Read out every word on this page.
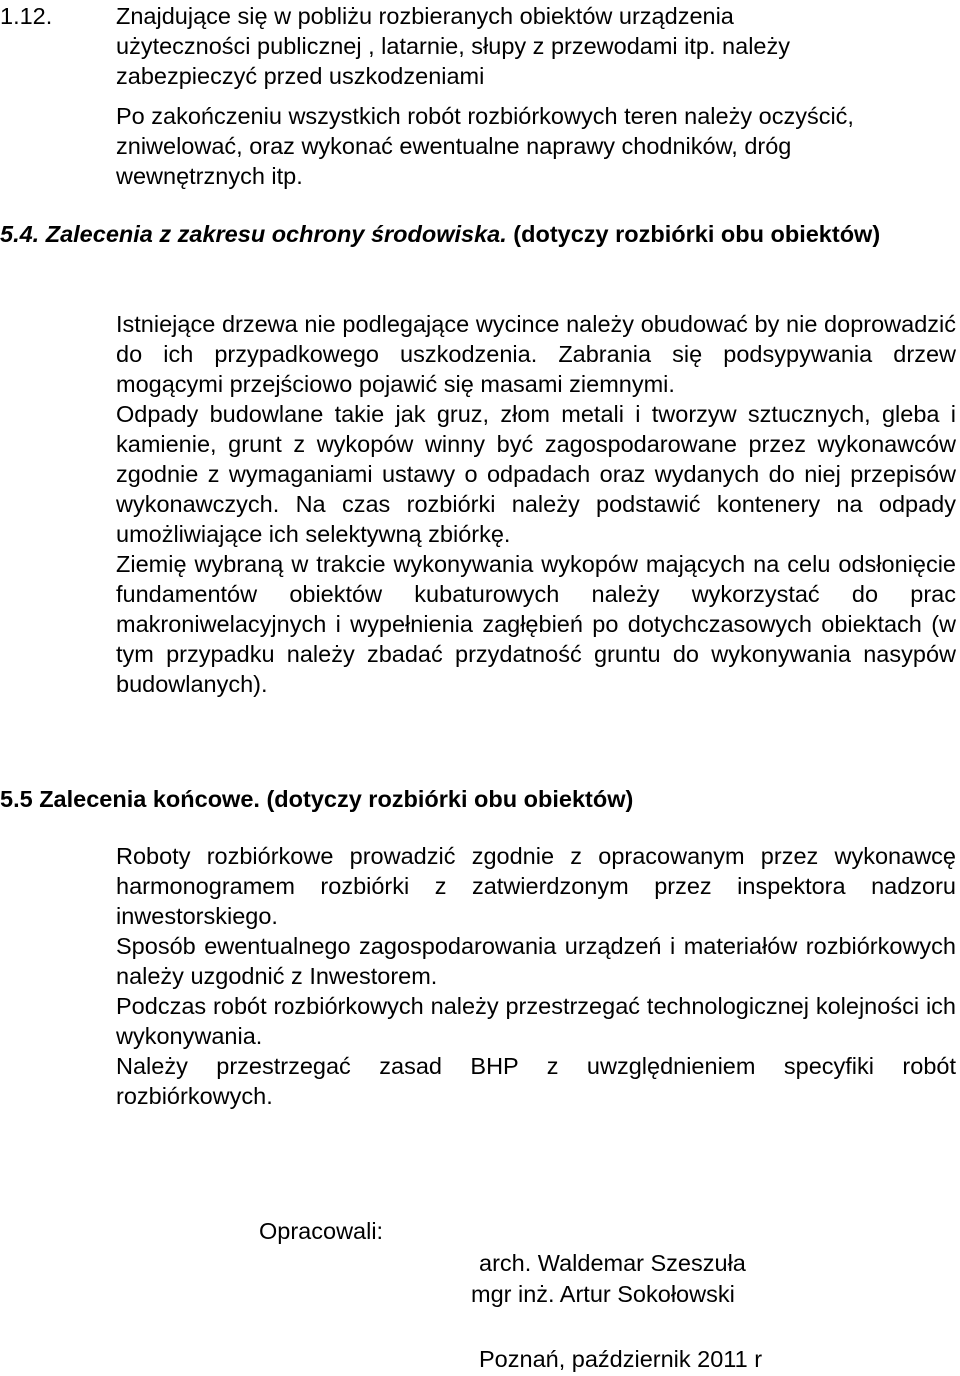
1.12.	Znajdujące się w pobliżu rozbieranych obiektów urządzenia użyteczności publicznej , latarnie, słupy z przewodami itp. należy zabezpieczyć przed uszkodzeniami

Po zakończeniu wszystkich robót rozbiórkowych teren należy oczyścić, zniwelować, oraz wykonać ewentualne naprawy chodników, dróg wewnętrznych itp.

5.4. Zalecenia z zakresu ochrony środowiska. (dotyczy rozbiórki obu obiektów)

Istniejące drzewa nie podlegające wycince należy obudować by nie doprowadzić do ich przypadkowego uszkodzenia. Zabrania się podsypywania drzew mogącymi przejściowo pojawić się masami ziemnymi.

Odpady budowlane takie jak gruz, złom metali i tworzyw sztucznych, gleba i kamienie, grunt z wykopów winny być zagospodarowane przez wykonawców zgodnie z wymaganiami ustawy o odpadach oraz wydanych do niej przepisów wykonawczych. Na czas rozbiórki należy podstawić kontenery na odpady umożliwiające ich selektywną zbiórkę.

Ziemię wybraną w trakcie wykonywania wykopów mających na celu odsłonięcie fundamentów obiektów kubaturowych należy wykorzystać do prac makroniwelacyjnych i wypełnienia zagłębień po dotychczasowych obiektach (w tym przypadku należy zbadać przydatność gruntu do wykonywania nasypów budowlanych).

5.5 Zalecenia końcowe. (dotyczy rozbiórki obu obiektów)

Roboty rozbiórkowe prowadzić zgodnie z opracowanym przez wykonawcę harmonogramem rozbiórki z zatwierdzonym przez inspektora nadzoru inwestorskiego.

Sposób ewentualnego zagospodarowania urządzeń i materiałów rozbiórkowych należy uzgodnić z Inwestorem.

Podczas robót rozbiórkowych należy przestrzegać technologicznej kolejności ich wykonywania.

Należy przestrzegać zasad BHP z uwzględnieniem specyfiki robót rozbiórkowych.

Opracowali:

arch. Waldemar Szeszuła

mgr inż. Artur Sokołowski

Poznań, październik 2011 r
